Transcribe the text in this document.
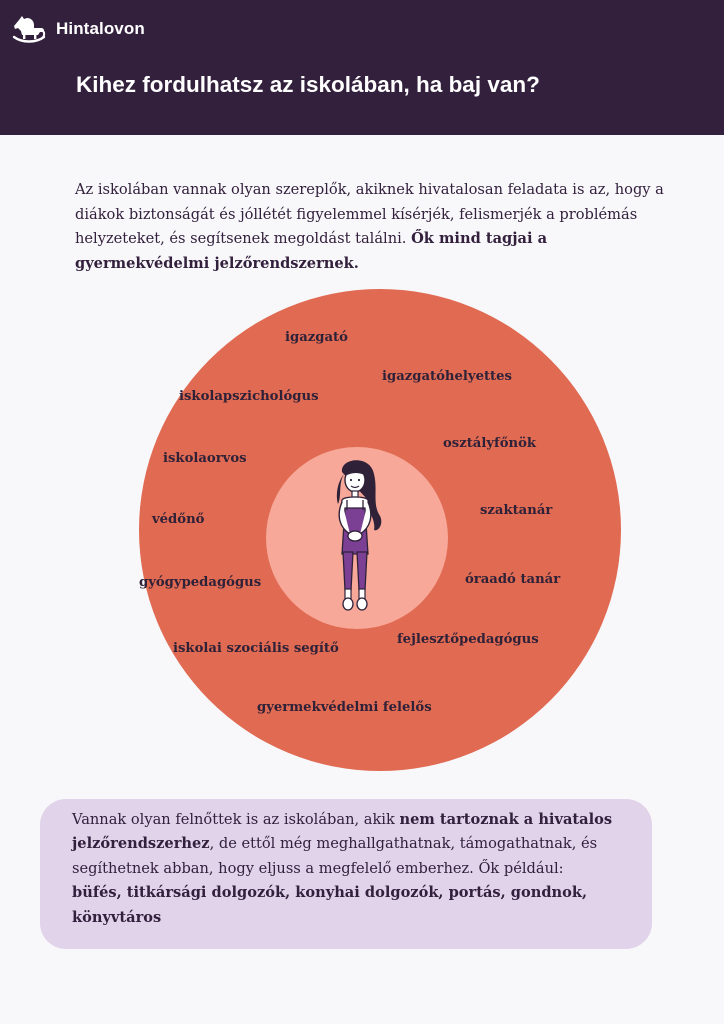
Hintalovon
Kihez fordulhatsz az iskolában, ha baj van?

Az iskolában vannak olyan szereplők, akiknek hivatalosan feladata is az, hogy a diákok biztonságát és jóllétét figyelemmel kísérjék, felismerjék a problémás helyzeteket, és segítsenek megoldást találni. Ők mind tagjai a gyermekvédelmi jelzőrendszernek.

igazgató
igazgatóhelyettes
iskolapszichológus
osztályfőnök
iskolaorvos
szaktanár
védőnő
óraadó tanár
gyógypedagógus
fejlesztőpedagógus
iskolai szociális segítő
gyermekvédelmi felelős

Vannak olyan felnőttek is az iskolában, akik nem tartoznak a hivatalos jelzőrendszerhez, de ettől még meghallgathatnak, támogathatnak, és segíthetnek abban, hogy eljuss a megfelelő emberhez. Ők például:
büfés, titkársági dolgozók, konyhai dolgozók, portás, gondnok, könyvtáros
